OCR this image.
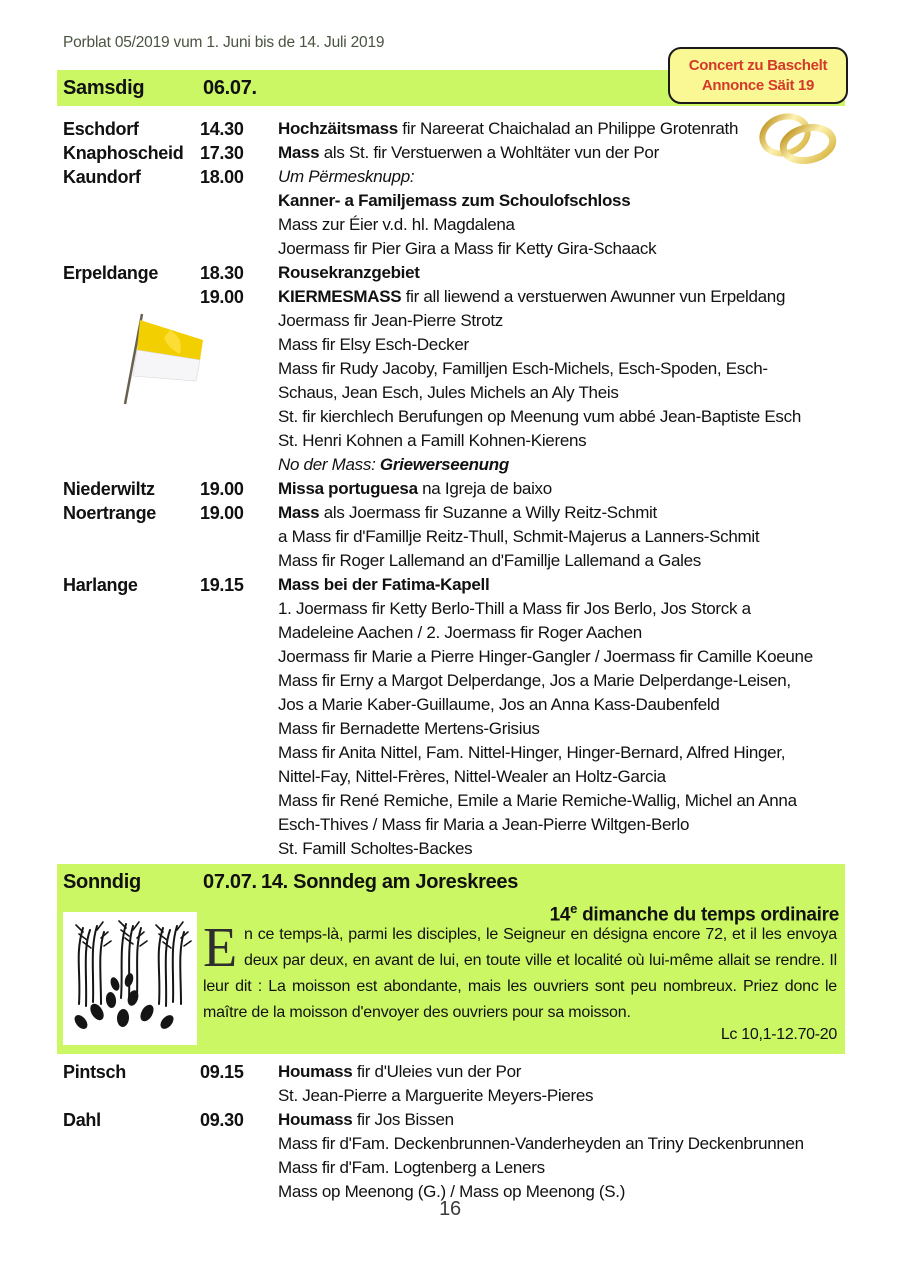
Porblat 05/2019 vum 1. Juni bis de 14. Juli 2019
Concert zu Baschelt
Annonce Säit 19
Samsdig	06.07.
Eschdorf	14.30	Hochzäitsmass fir Nareerat Chaichalad an Philippe Grotenrath
Knaphoscheid 17.30	Mass als St. fir Verstuerwen a Wohltäter vun der Por
Kaundorf	18.00	Um Përmesknupp:
Kanner- a Familjemass zum Schoulofschloss
Mass zur Éier v.d. hl. Magdalena
Joermass fir Pier Gira a Mass fir Ketty Gira-Schaack
Erpeldange	18.30	Rousekranzgebiet
19.00	KIERMESMASS fir all liewend a verstuerwen Awunner vun Erpeldang
Joermass fir Jean-Pierre Strotz
Mass fir Elsy Esch-Decker
Mass fir Rudy Jacoby, Familljen Esch-Michels, Esch-Spoden, Esch-
Schaus, Jean Esch, Jules Michels an Aly Theis
St. fir kierchlech Berufungen op Meenung vum abbé Jean-Baptiste Esch
St. Henri Kohnen a Famill Kohnen-Kierens
No der Mass: Griewerseenung
Niederwiltz	19.00	Missa portuguesa na Igreja de baixo
Noertrange	19.00	Mass als Joermass fir Suzanne a Willy Reitz-Schmit
a Mass fir d'Famillje Reitz-Thull, Schmit-Majerus a Lanners-Schmit
Mass fir Roger Lallemand an d'Famillje Lallemand a Gales
Harlange	19.15	Mass bei der Fatima-Kapell
1. Joermass fir Ketty Berlo-Thill a Mass fir Jos Berlo, Jos Storck a
Madeleine Aachen / 2. Joermass fir Roger Aachen
Joermass fir Marie a Pierre Hinger-Gangler / Joermass fir Camille Koeune
Mass fir Erny a Margot Delperdange, Jos a Marie Delperdange-Leisen,
Jos a Marie Kaber-Guillaume, Jos an Anna Kass-Daubenfeld
Mass fir Bernadette Mertens-Grisius
Mass fir Anita Nittel, Fam. Nittel-Hinger, Hinger-Bernard, Alfred Hinger,
Nittel-Fay, Nittel-Frères, Nittel-Wealer an Holtz-Garcia
Mass fir René Remiche, Emile a Marie Remiche-Wallig, Michel an Anna
Esch-Thives / Mass fir Maria a Jean-Pierre Wiltgen-Berlo
St. Famill Scholtes-Backes
Sonndig	07.07. 14. Sonndeg am Joreskrees
14e dimanche du temps ordinaire
En ce temps-là, parmi les disciples, le Seigneur en désigna encore 72, et il les envoya deux par deux, en avant de lui, en toute ville et localité où lui-même allait se rendre. Il leur dit : La moisson est abondante, mais les ouvriers sont peu nombreux. Priez donc le maître de la moisson d'envoyer des ouvriers pour sa moisson.
Lc 10,1-12.70-20
Pintsch	09.15	Houmass fir d'Uleies vun der Por
St. Jean-Pierre a Marguerite Meyers-Pieres
Dahl	09.30	Houmass fir Jos Bissen
Mass fir d'Fam. Deckenbrunnen-Vanderheyden an Triny Deckenbrunnen
Mass fir d'Fam. Logtenberg a Leners
Mass op Meenong (G.) / Mass op Meenong (S.)
16
